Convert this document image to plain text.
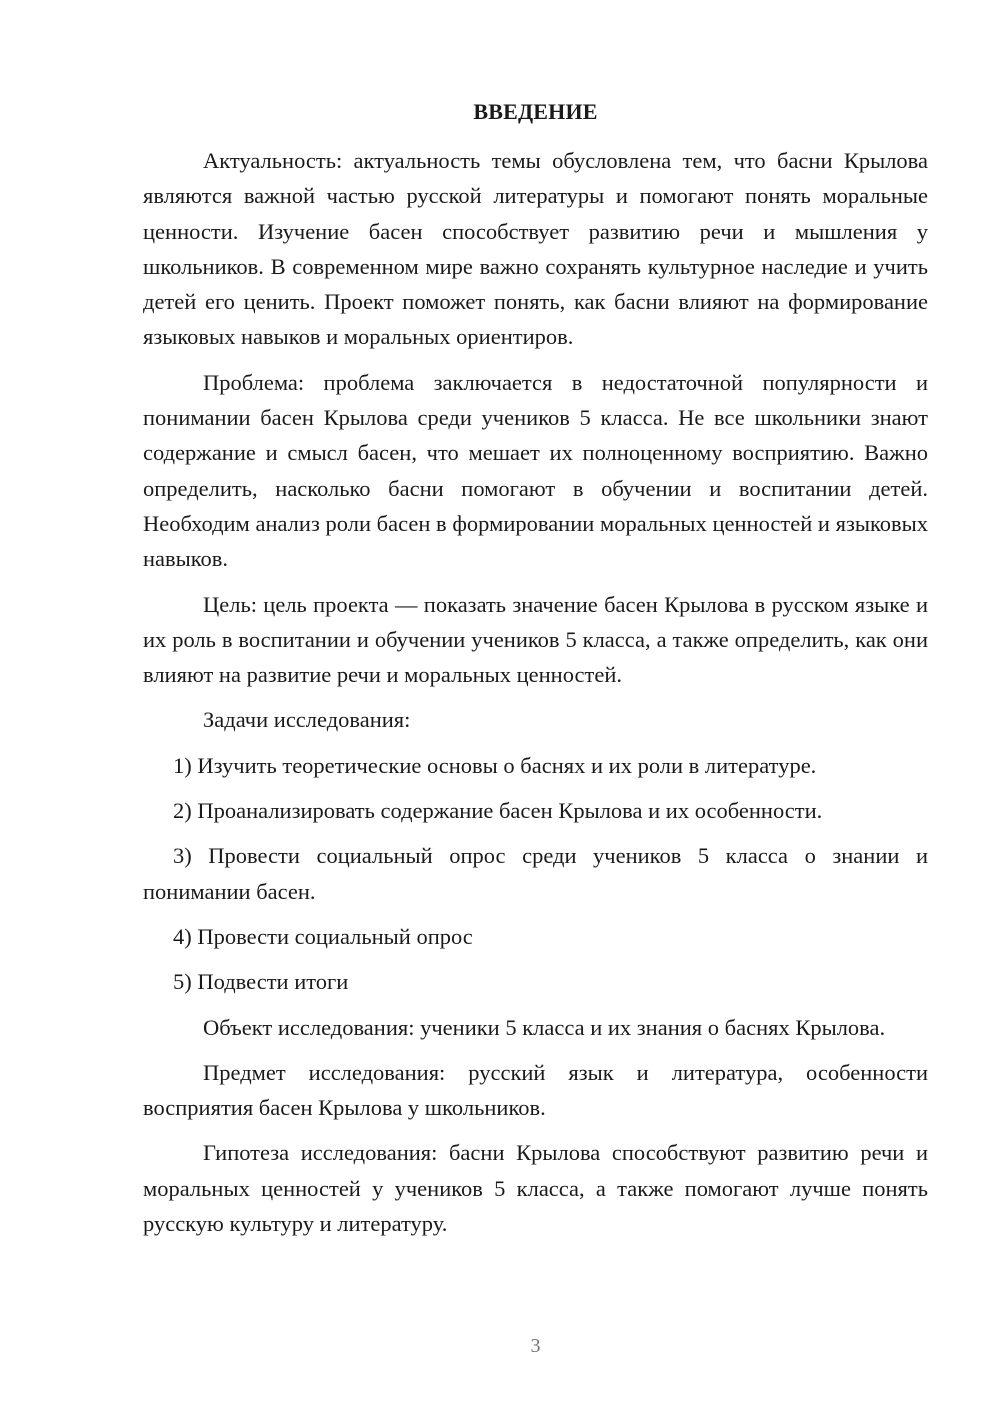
ВВЕДЕНИЕ

Актуальность: актуальность темы обусловлена тем, что басни Крылова являются важной частью русской литературы и помогают понять моральные ценности. Изучение басен способствует развитию речи и мышления у школьников. В современном мире важно сохранять культурное наследие и учить детей его ценить. Проект поможет понять, как басни влияют на формирование языковых навыков и моральных ориентиров.

Проблема: проблема заключается в недостаточной популярности и понимании басен Крылова среди учеников 5 класса. Не все школьники знают содержание и смысл басен, что мешает их полноценному восприятию. Важно определить, насколько басни помогают в обучении и воспитании детей. Необходим анализ роли басен в формировании моральных ценностей и языковых навыков.

Цель: цель проекта — показать значение басен Крылова в русском языке и их роль в воспитании и обучении учеников 5 класса, а также определить, как они влияют на развитие речи и моральных ценностей.

Задачи исследования:

1) Изучить теоретические основы о баснях и их роли в литературе.

2) Проанализировать содержание басен Крылова и их особенности.

3) Провести социальный опрос среди учеников 5 класса о знании и понимании басен.

4) Провести социальный опрос

5) Подвести итоги

Объект исследования: ученики 5 класса и их знания о баснях Крылова.

Предмет исследования: русский язык и литература, особенности восприятия басен Крылова у школьников.

Гипотеза исследования: басни Крылова способствуют развитию речи и моральных ценностей у учеников 5 класса, а также помогают лучше понять русскую культуру и литературу.

3
